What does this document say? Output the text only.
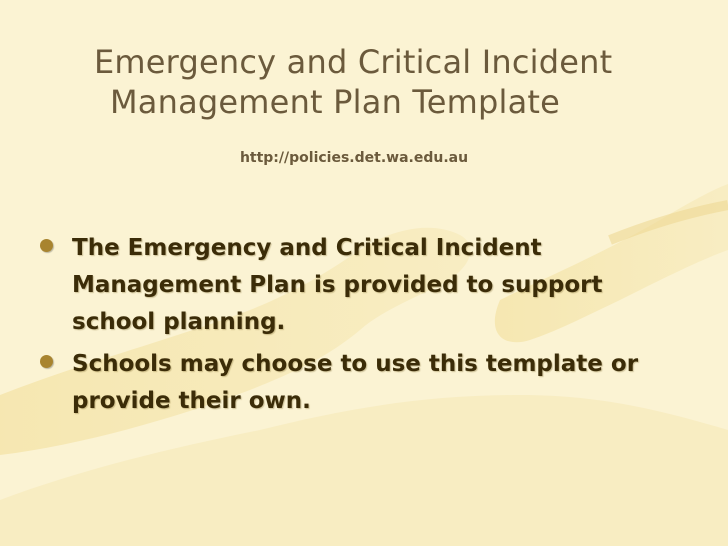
Emergency and Critical Incident
Management Plan Template
http://policies.det.wa.edu.au
The Emergency and Critical Incident
Management Plan is provided to support
school planning.
Schools may choose to use this template or
provide their own.
